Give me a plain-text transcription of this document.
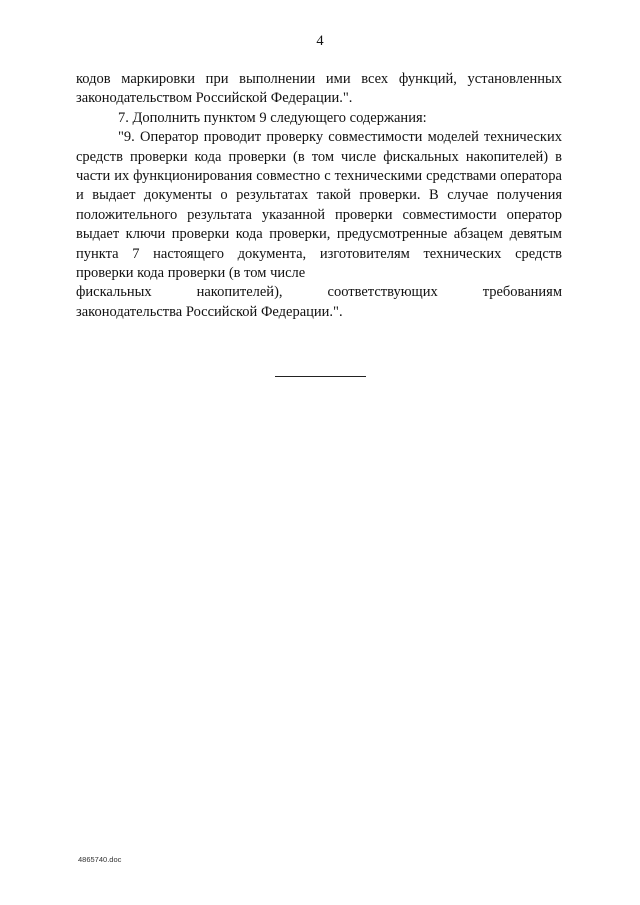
4

кодов маркировки при выполнении ими всех функций, установленных законодательством Российской Федерации.".

7. Дополнить пунктом 9 следующего содержания:

"9. Оператор проводит проверку совместимости моделей технических средств проверки кода проверки (в том числе фискальных накопителей) в части их функционирования совместно с техническими средствами оператора и выдает документы о результатах такой проверки. В случае получения положительного результата указанной проверки совместимости оператор выдает ключи проверки кода проверки, предусмотренные абзацем девятым пункта 7 настоящего документа, изготовителям технических средств проверки кода проверки (в том числе

фискальных накопителей), соответствующих требованиям

законодательства Российской Федерации.".

4865740.doc
